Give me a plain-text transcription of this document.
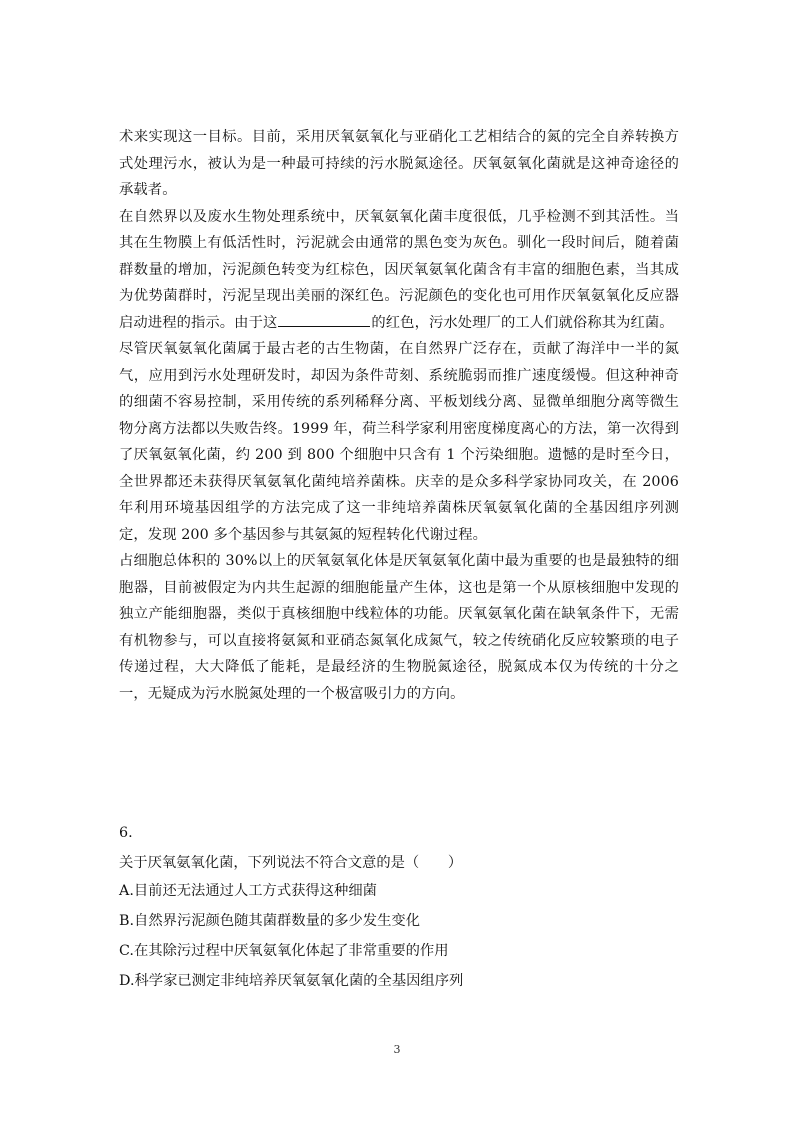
术来实现这一目标。目前，采用厌氧氨氧化与亚硝化工艺相结合的氮的完全自养转换方式处理污水，被认为是一种最可持续的污水脱氮途径。厌氧氨氧化菌就是这神奇途径的承载者。

在自然界以及废水生物处理系统中，厌氧氨氧化菌丰度很低，几乎检测不到其活性。当其在生物膜上有低活性时，污泥就会由通常的黑色变为灰色。驯化一段时间后，随着菌群数量的增加，污泥颜色转变为红棕色，因厌氧氨氧化菌含有丰富的细胞色素，当其成为优势菌群时，污泥呈现出美丽的深红色。污泥颜色的变化也可用作厌氧氨氧化反应器启动进程的指示。由于这	的红色，污水处理厂的工人们就俗称其为红菌。

尽管厌氧氨氧化菌属于最古老的古生物菌，在自然界广泛存在，贡献了海洋中一半的氮气，应用到污水处理研发时，却因为条件苛刻、系统脆弱而推广速度缓慢。但这种神奇的细菌不容易控制，采用传统的系列稀释分离、平板划线分离、显微单细胞分离等微生物分离方法都以失败告终。1999 年，荷兰科学家利用密度梯度离心的方法，第一次得到了厌氧氨氧化菌，约 200 到 800 个细胞中只含有 1 个污染细胞。遗憾的是时至今日，全世界都还未获得厌氧氨氧化菌纯培养菌株。庆幸的是众多科学家协同攻关，在 2006 年利用环境基因组学的方法完成了这一非纯培养菌株厌氧氨氧化菌的全基因组序列测定，发现 200 多个基因参与其氨氮的短程转化代谢过程。

占细胞总体积的 30%以上的厌氧氨氧化体是厌氧氨氧化菌中最为重要的也是最独特的细胞器，目前被假定为内共生起源的细胞能量产生体，这也是第一个从原核细胞中发现的独立产能细胞器，类似于真核细胞中线粒体的功能。厌氧氨氧化菌在缺氧条件下，无需有机物参与，可以直接将氨氮和亚硝态氮氧化成氮气，较之传统硝化反应较繁琐的电子传递过程，大大降低了能耗，是最经济的生物脱氮途径，脱氮成本仅为传统的十分之一，无疑成为污水脱氮处理的一个极富吸引力的方向。

6.

关于厌氧氨氧化菌，下列说法不符合文意的是（　　）

A.目前还无法通过人工方式获得这种细菌

B.自然界污泥颜色随其菌群数量的多少发生变化

C.在其除污过程中厌氧氨氧化体起了非常重要的作用

D.科学家已测定非纯培养厌氧氨氧化菌的全基因组序列

3
